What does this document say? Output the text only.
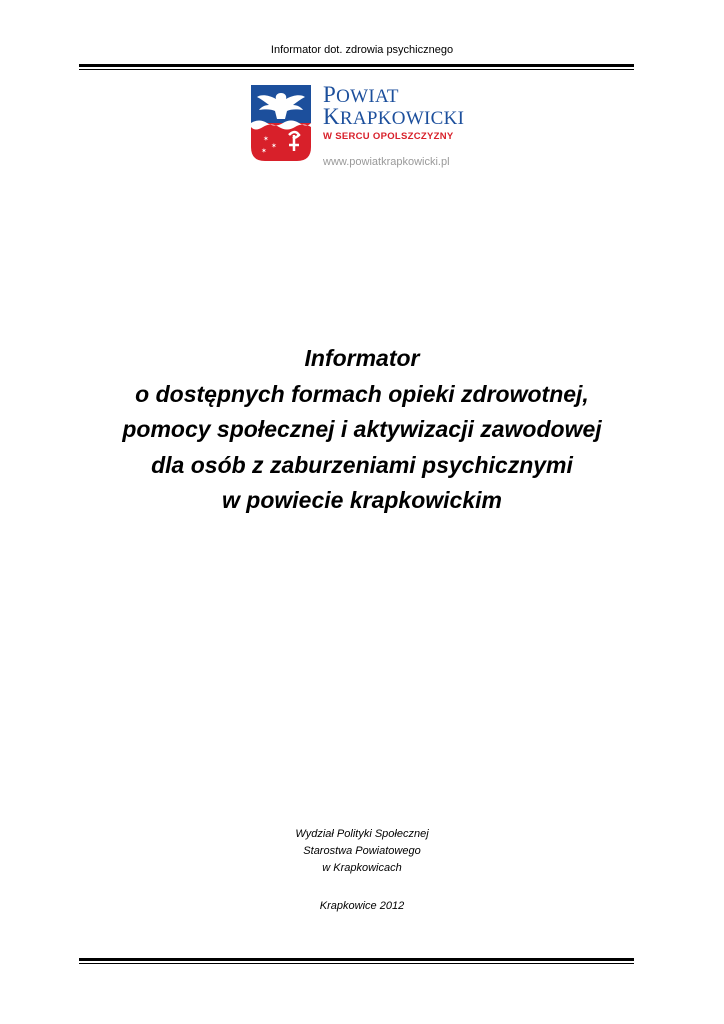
Informator dot. zdrowia psychicznego
✶
✶
✶
POWIAT
KRAPKOWICKI
W SERCU OPOLSZCZYZNY
www.powiatkrapkowicki.pl
Informator
o dostępnych formach opieki zdrowotnej,
pomocy społecznej i aktywizacji zawodowej
dla osób z zaburzeniami psychicznymi
w powiecie krapkowickim
Wydział Polityki Społecznej
Starostwa Powiatowego
w Krapkowicach
Krapkowice 2012
